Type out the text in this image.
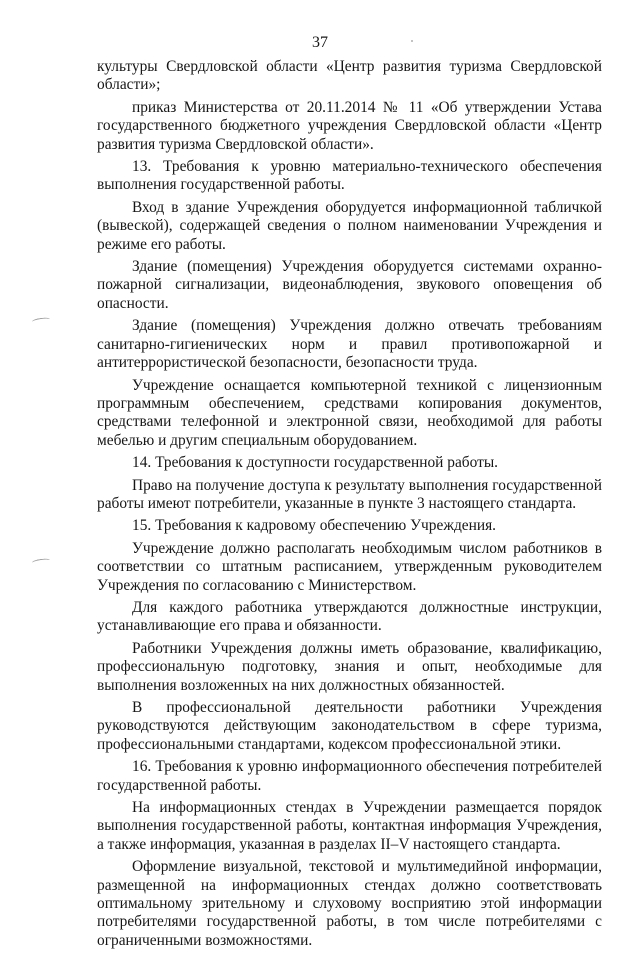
37

культуры Свердловской области «Центр развития туризма Свердловской области»;

приказ Министерства от 20.11.2014 № 11 «Об утверждении Устава государственного бюджетного учреждения Свердловской области «Центр развития туризма Свердловской области».

13. Требования к уровню материально-технического обеспечения выполнения государственной работы.

Вход в здание Учреждения оборудуется информационной табличкой (вывеской), содержащей сведения о полном наименовании Учреждения и режиме его работы.

Здание (помещения) Учреждения оборудуется системами охранно-пожарной сигнализации, видеонаблюдения, звукового оповещения об опасности.

Здание (помещения) Учреждения должно отвечать требованиям санитарно-гигиенических норм и правил противопожарной и антитеррористической безопасности, безопасности труда.

Учреждение оснащается компьютерной техникой с лицензионным программным обеспечением, средствами копирования документов, средствами телефонной и электронной связи, необходимой для работы мебелью и другим специальным оборудованием.

14. Требования к доступности государственной работы.

Право на получение доступа к результату выполнения государственной работы имеют потребители, указанные в пункте 3 настоящего стандарта.

15. Требования к кадровому обеспечению Учреждения.

Учреждение должно располагать необходимым числом работников в соответствии со штатным расписанием, утвержденным руководителем Учреждения по согласованию с Министерством.

Для каждого работника утверждаются должностные инструкции, устанавливающие его права и обязанности.

Работники Учреждения должны иметь образование, квалификацию, профессиональную подготовку, знания и опыт, необходимые для выполнения возложенных на них должностных обязанностей.

В профессиональной деятельности работники Учреждения руководствуются действующим законодательством в сфере туризма, профессиональными стандартами, кодексом профессиональной этики.

16. Требования к уровню информационного обеспечения потребителей государственной работы.

На информационных стендах в Учреждении размещается порядок выполнения государственной работы, контактная информация Учреждения, а также информация, указанная в разделах II–V настоящего стандарта.

Оформление визуальной, текстовой и мультимедийной информации, размещенной на информационных стендах должно соответствовать оптимальному зрительному и слуховому восприятию этой информации потребителями государственной работы, в том числе потребителями с ограниченными возможностями.
